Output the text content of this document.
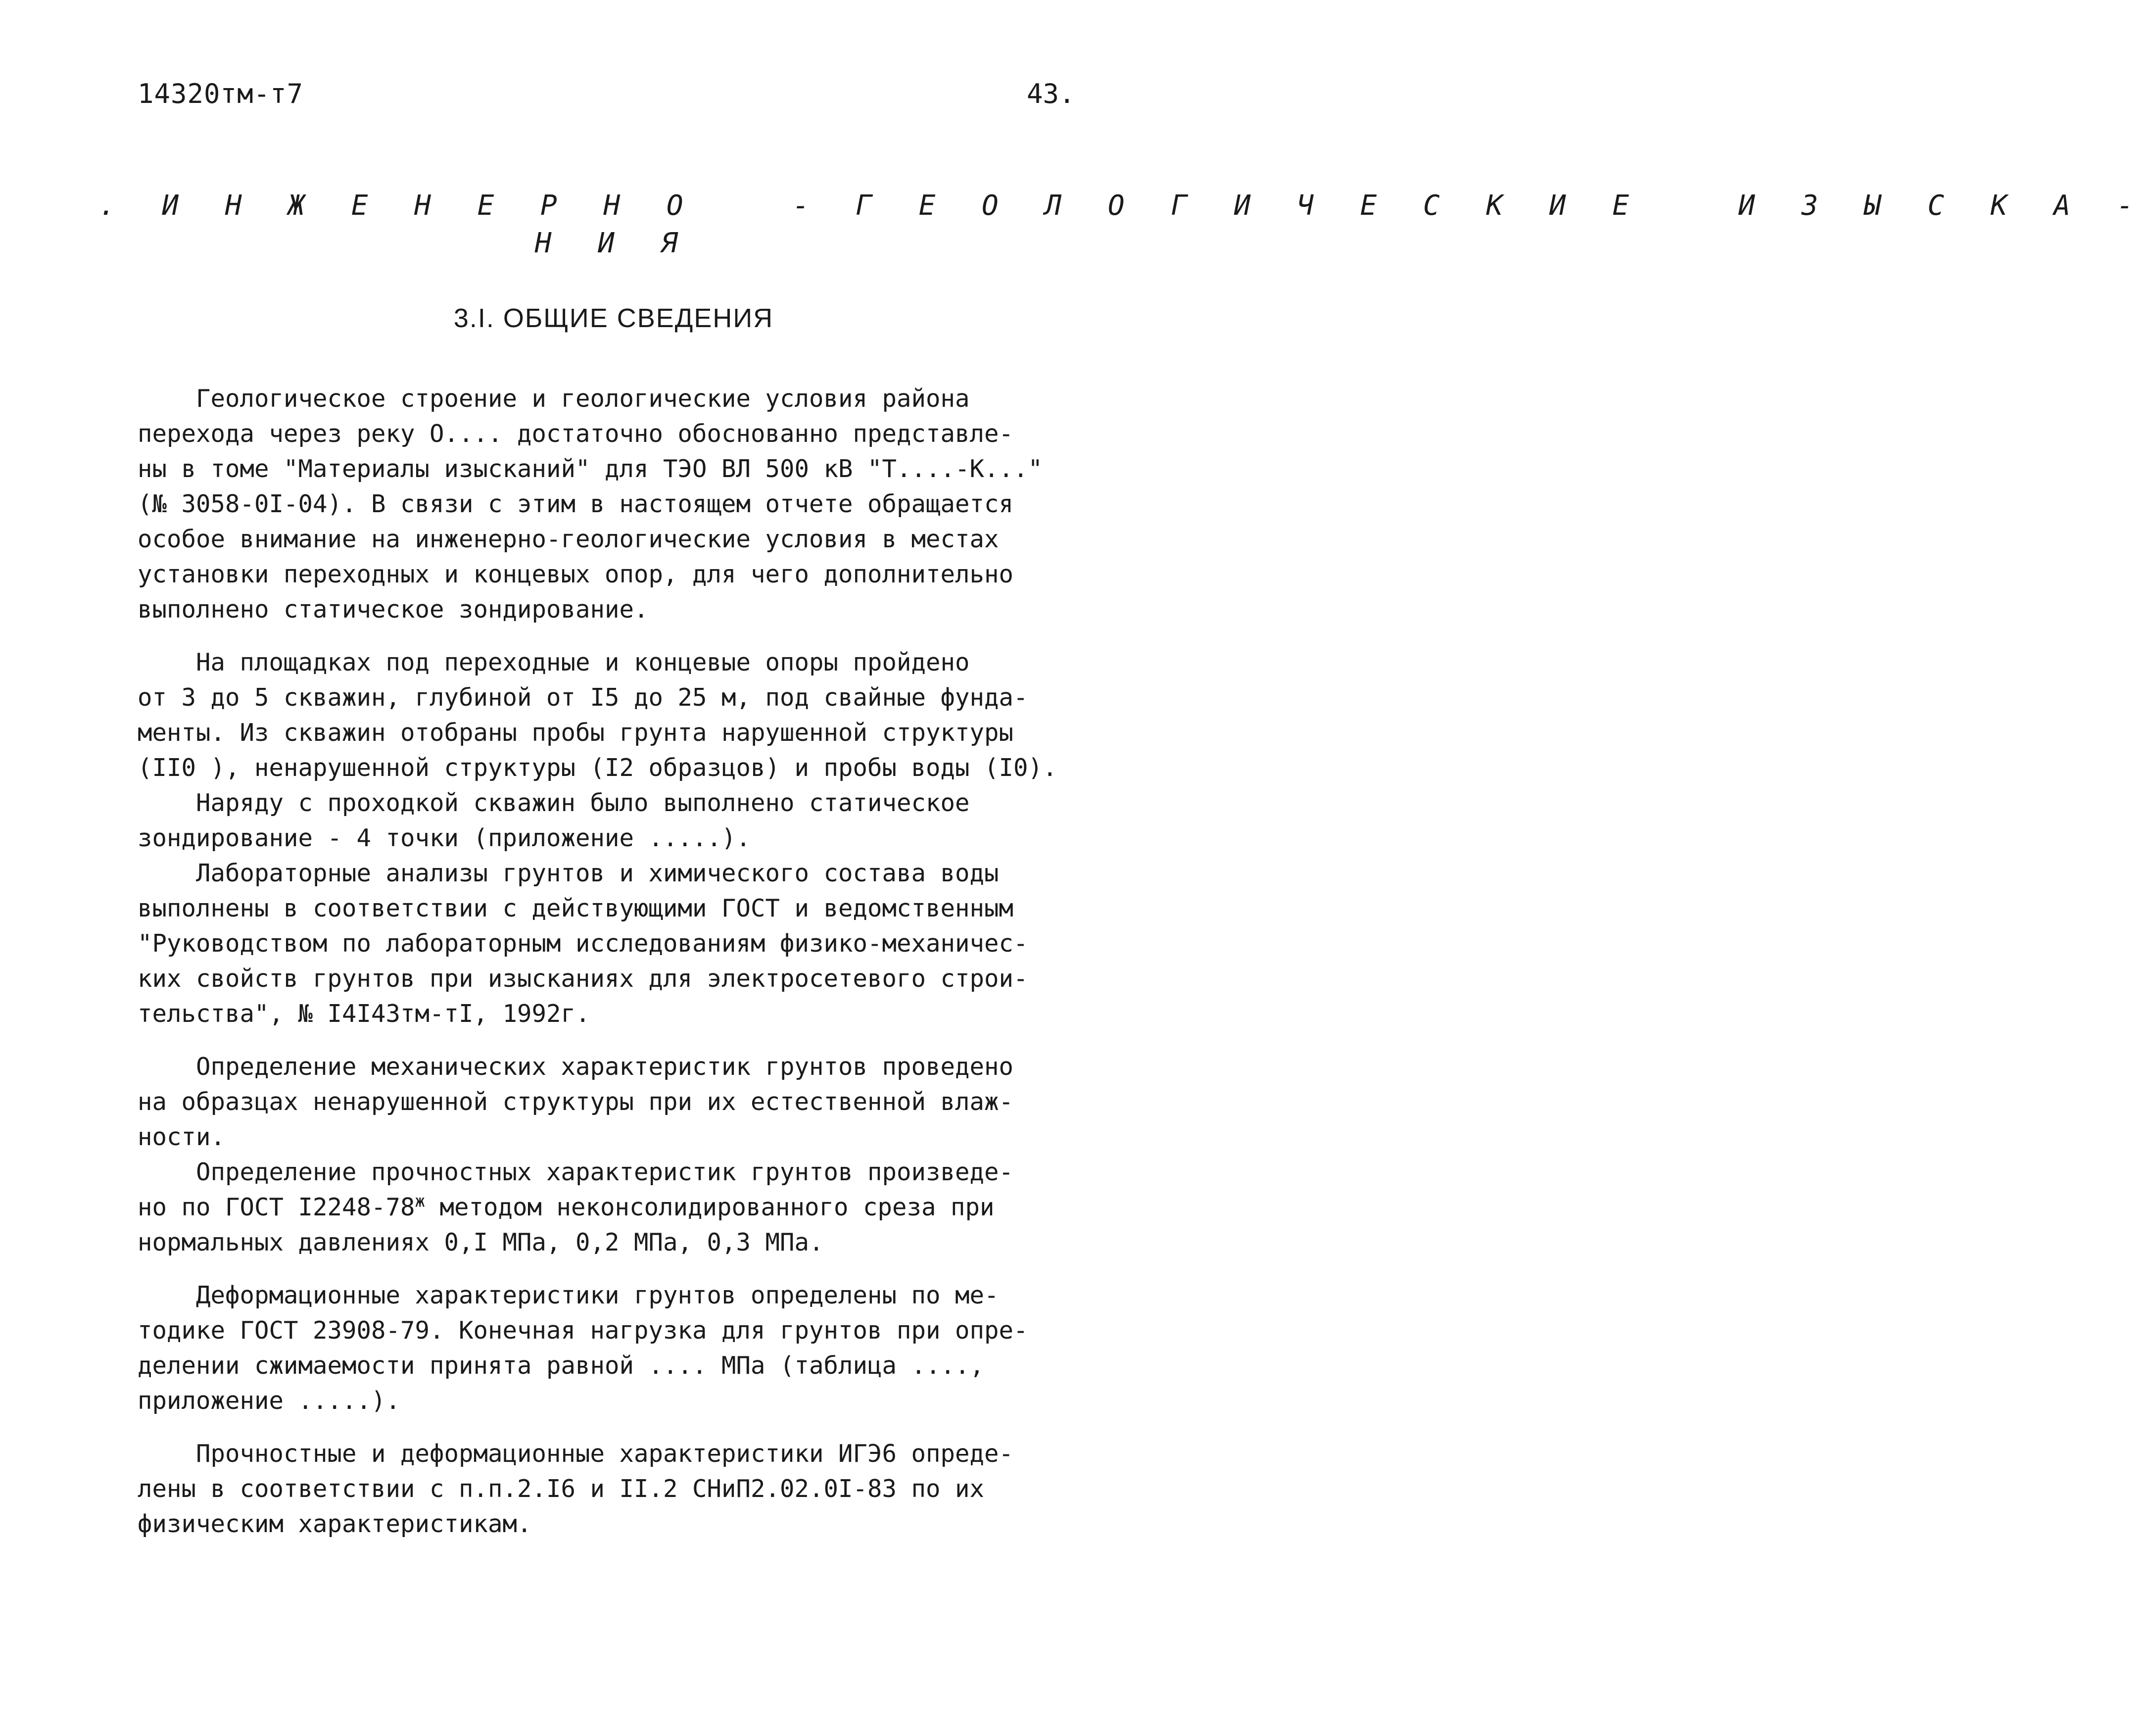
14320тм-т7	43.
. И Н Ж Е Н Е Р Н О   - Г Е О Л О Г И Ч Е С К И Е   И З Ы С К А -
Н И Я
3.I. ОБЩИЕ СВЕДЕНИЯ

Геологическое строение и геологические условия района

перехода через реку О.... достаточно обоснованно представле-

ны в томе "Материалы изысканий" для ТЭО ВЛ 500 кВ "Т....-К..."

(№ 3058-0I-04). В связи с этим в настоящем отчете обращается

особое внимание на инженерно-геологические условия в местах

установки переходных и концевых опор, для чего дополнительно

выполнено статическое зондирование.

На площадках под переходные и концевые опоры пройдено

от 3 до 5 скважин, глубиной от I5 до 25 м, под свайные фунда-

менты. Из скважин отобраны пробы грунта нарушенной структуры

(II0 ), ненарушенной структуры (I2 образцов) и пробы воды (I0).

Наряду с проходкой скважин было выполнено статическое

зондирование - 4 точки (приложение .....).

Лабораторные анализы грунтов и химического состава воды

выполнены в соответствии с действующими ГОСТ и ведомственным

"Руководством по лабораторным исследованиям физико-механичес-

ких свойств грунтов при изысканиях для электросетевого строи-

тельства", № I4I43тм-тI, 1992г.

Определение механических характеристик грунтов проведено

на образцах ненарушенной структуры при их естественной влаж-

ности.

Определение прочностных характеристик грунтов произведе-

но по ГОСТ $I2248-78^ж$ методом неконсолидированного среза при

нормальных давлениях 0,I МПа, 0,2 МПа, 0,3 МПа.

Деформационные характеристики грунтов определены по ме-

тодике ГОСТ 23908-79. Конечная нагрузка для грунтов при опре-

делении сжимаемости принята равной .... МПа (таблица ....,

приложение .....).

Прочностные и деформационные характеристики ИГЭ6 опреде-

лены в соответствии с п.п.2.I6 и II.2 СНиП2.02.0I-83 по их

физическим характеристикам.
